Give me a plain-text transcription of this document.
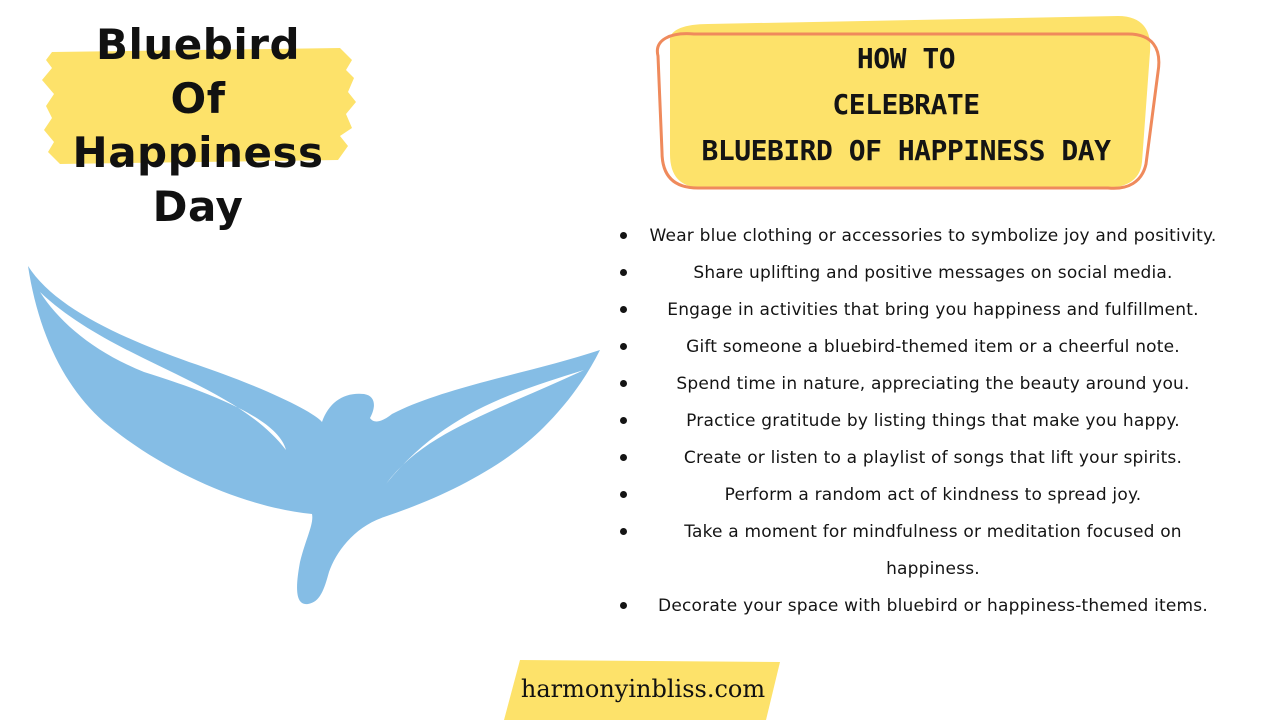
Bluebird
Of Happiness
Day
HOW TO
CELEBRATE
BLUEBIRD OF HAPPINESS DAY
Wear blue clothing or accessories to symbolize joy and positivity.
Share uplifting and positive messages on social media.
Engage in activities that bring you happiness and fulfillment.
Gift someone a bluebird-themed item or a cheerful note.
Spend time in nature, appreciating the beauty around you.
Practice gratitude by listing things that make you happy.
Create or listen to a playlist of songs that lift your spirits.
Perform a random act of kindness to spread joy.
Take a moment for mindfulness or meditation focused on happiness.
Decorate your space with bluebird or happiness-themed items.
harmonyinbliss.com
